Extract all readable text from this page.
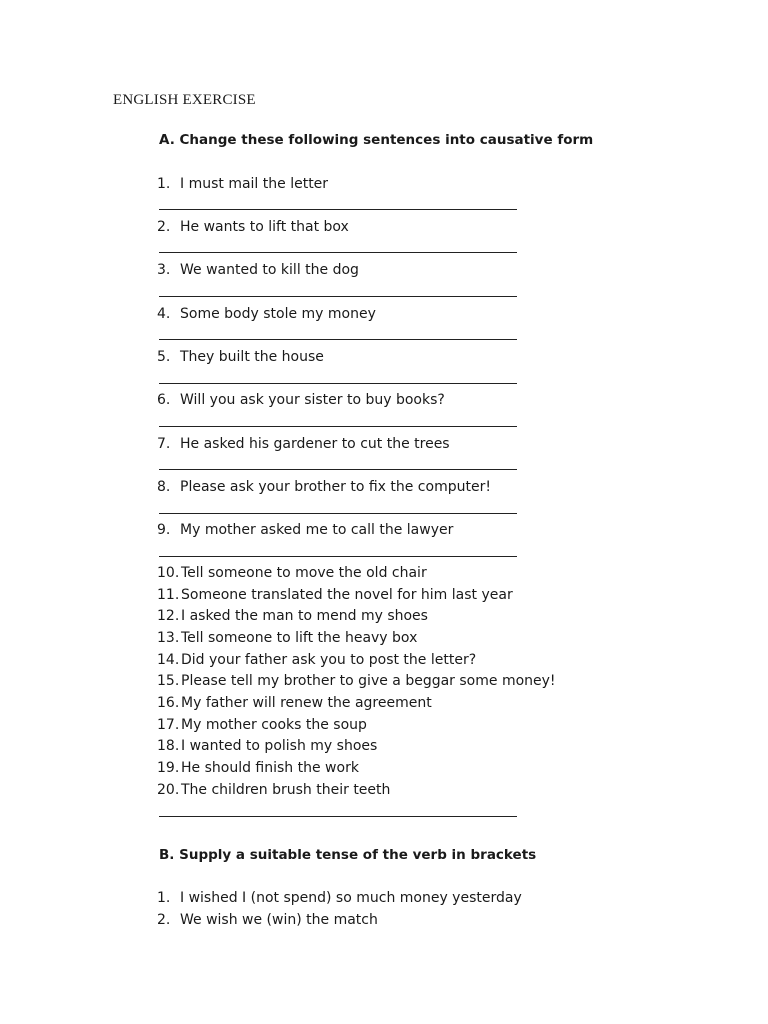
ENGLISH EXERCISE
A. Change these following sentences into causative form
1. I must mail the letter
2. He wants to lift that box
3. We wanted to kill the dog
4. Some body stole my money
5. They built the house
6. Will you ask your sister to buy books?
7. He asked his gardener to cut the trees
8. Please ask your brother to fix the computer!
9. My mother asked me to call the lawyer
10. Tell someone to move the old chair
11. Someone translated the novel for him last year
12. I asked the man to mend my shoes
13. Tell someone to lift the heavy box
14. Did your father ask you to post the letter?
15. Please tell my brother to give a beggar some money!
16. My father will renew the agreement
17. My mother cooks the soup
18. I wanted to polish my shoes
19. He should finish the work
20. The children brush their teeth
B. Supply a suitable tense of the verb in brackets
1. I wished I (not spend) so much money yesterday
2. We wish we (win) the match
